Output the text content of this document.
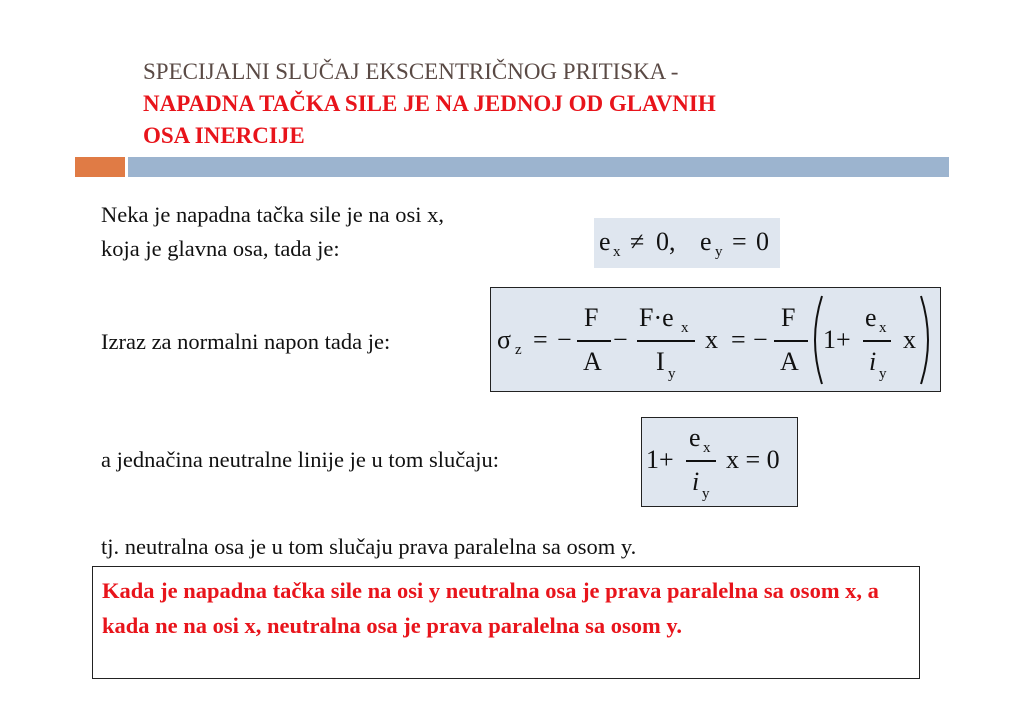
SPECIJALNI SLUČAJ EKSCENTRIČNOG PRITISKA -
NAPADNA TAČKA SILE JE NA JEDNOJ OD GLAVNIH
OSA INERCIJE
Neka je napadna tačka sile je na osi x,
koja je glavna osa, tada je:	e x ≠ 0, e y = 0
Izraz za normalni napon tada je:	σ z = −
F
A
−
F·e x
I y
x = −
F
A
1+
e x
i y
x
a jednačina neutralne linije je u tom slučaju:	1+
e x
i y
x = 0
tj. neutralna osa je u tom slučaju prava paralelna sa osom y.
Kada je napadna tačka sile na osi y neutralna osa je prava paralelna sa osom x, a kada ne na osi x, neutralna osa je prava paralelna sa osom y.
